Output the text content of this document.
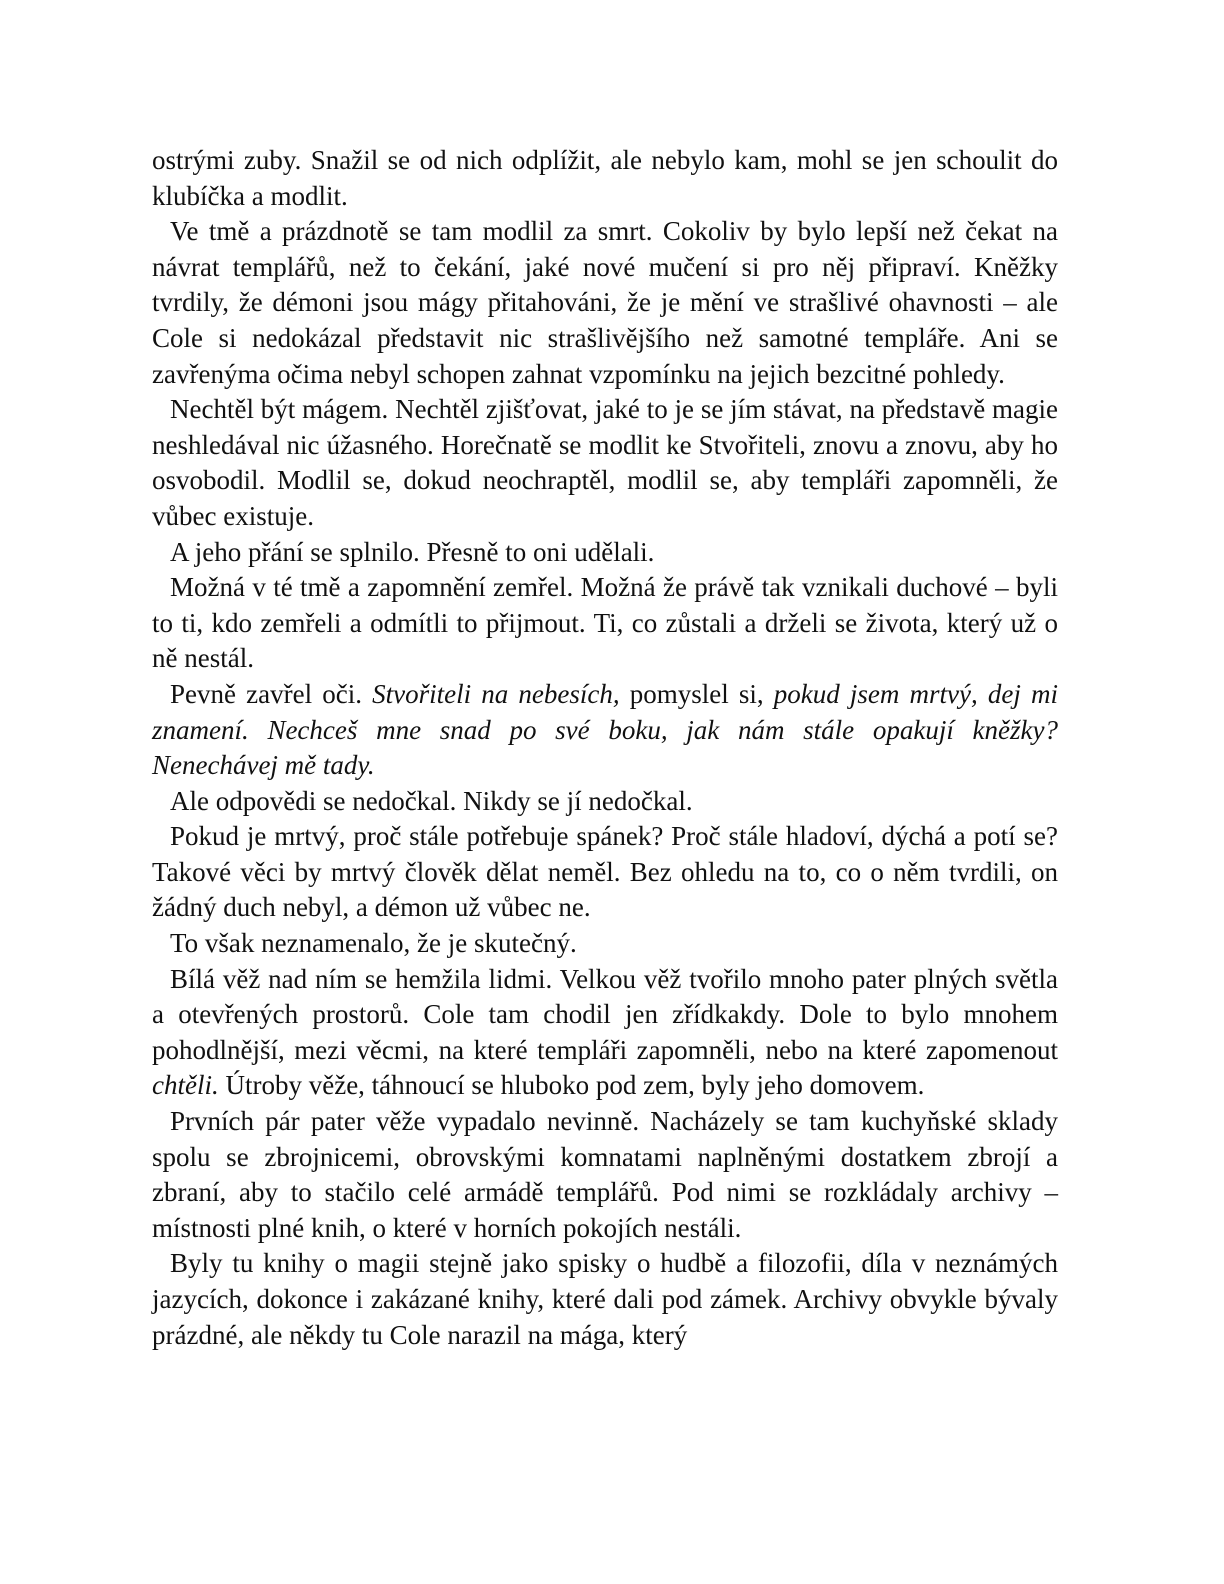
ostrými zuby. Snažil se od nich odplížit, ale nebylo kam, mohl se jen schoulit do klubíčka a modlit.

Ve tmě a prázdnotě se tam modlil za smrt. Cokoliv by bylo lepší než čekat na návrat templářů, než to čekání, jaké nové mučení si pro něj připraví. Kněžky tvrdily, že démoni jsou mágy přitahováni, že je mění ve strašlivé ohavnosti – ale Cole si nedokázal představit nic strašlivějšího než samotné templáře. Ani se zavřenýma očima nebyl schopen zahnat vzpomínku na jejich bezcitné pohledy.

Nechtěl být mágem. Nechtěl zjišťovat, jaké to je se jím stávat, na představě magie neshledával nic úžasného. Horečnatě se modlit ke Stvořiteli, znovu a znovu, aby ho osvobodil. Modlil se, dokud neochraptěl, modlil se, aby templáři zapomněli, že vůbec existuje.

A jeho přání se splnilo. Přesně to oni udělali.

Možná v té tmě a zapomnění zemřel. Možná že právě tak vznikali duchové – byli to ti, kdo zemřeli a odmítli to přijmout. Ti, co zůstali a drželi se života, který už o ně nestál.

Pevně zavřel oči. Stvořiteli na nebesích, pomyslel si, pokud jsem mrtvý, dej mi znamení. Nechceš mne snad po své boku, jak nám stále opakují kněžky? Nenechávej mě tady.

Ale odpovědi se nedočkal. Nikdy se jí nedočkal.

Pokud je mrtvý, proč stále potřebuje spánek? Proč stále hladoví, dýchá a potí se? Takové věci by mrtvý člověk dělat neměl. Bez ohledu na to, co o něm tvrdili, on žádný duch nebyl, a démon už vůbec ne.

To však neznamenalo, že je skutečný.

Bílá věž nad ním se hemžila lidmi. Velkou věž tvořilo mnoho pater plných světla a otevřených prostorů. Cole tam chodil jen zřídkakdy. Dole to bylo mnohem pohodlnější, mezi věcmi, na které templáři zapomněli, nebo na které zapomenout chtěli. Útroby věže, táhnoucí se hluboko pod zem, byly jeho domovem.

Prvních pár pater věže vypadalo nevinně. Nacházely se tam kuchyňské sklady spolu se zbrojnicemi, obrovskými komnatami naplněnými dostatkem zbrojí a zbraní, aby to stačilo celé armádě templářů. Pod nimi se rozkládaly archivy – místnosti plné knih, o které v horních pokojích nestáli.

Byly tu knihy o magii stejně jako spisky o hudbě a filozofii, díla v neznámých jazycích, dokonce i zakázané knihy, které dali pod zámek. Archivy obvykle bývaly prázdné, ale někdy tu Cole narazil na mága, který
